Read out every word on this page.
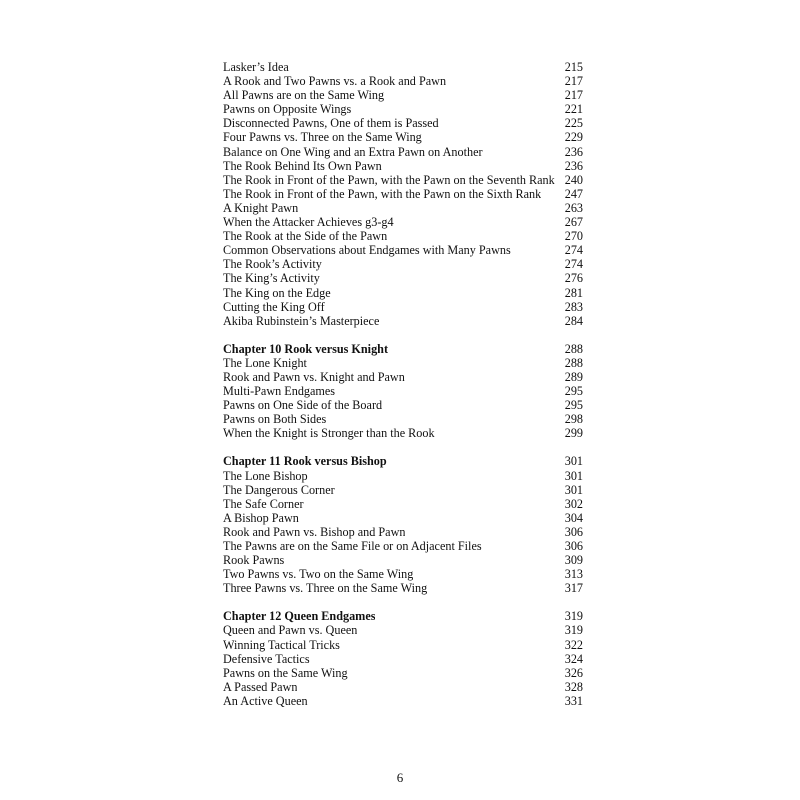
Lasker’s Idea	215
A Rook and Two Pawns vs. a Rook and Pawn	217
All Pawns are on the Same Wing	217
Pawns on Opposite Wings	221
Disconnected Pawns, One of them is Passed	225
Four Pawns vs. Three on the Same Wing	229
Balance on One Wing and an Extra Pawn on Another	236
The Rook Behind Its Own Pawn	236
The Rook in Front of the Pawn, with the Pawn on the Seventh Rank 240
The Rook in Front of the Pawn, with the Pawn on the Sixth Rank 247
A Knight Pawn	263
When the Attacker Achieves g3-g4	267
The Rook at the Side of the Pawn	270
Common Observations about Endgames with Many Pawns	274
The Rook’s Activity	274
The King’s Activity	276
The King on the Edge	281
Cutting the King Off	283
Akiba Rubinstein’s Masterpiece	284
Chapter 10 Rook versus Knight	288
The Lone Knight	288
Rook and Pawn vs. Knight and Pawn	289
Multi-Pawn Endgames	295
Pawns on One Side of the Board	295
Pawns on Both Sides	298
When the Knight is Stronger than the Rook	299
Chapter 11 Rook versus Bishop	301
The Lone Bishop	301
The Dangerous Corner	301
The Safe Corner	302
A Bishop Pawn	304
Rook and Pawn vs. Bishop and Pawn	306
The Pawns are on the Same File or on Adjacent Files	306
Rook Pawns	309
Two Pawns vs. Two on the Same Wing	313
Three Pawns vs. Three on the Same Wing	317
Chapter 12 Queen Endgames	319
Queen and Pawn vs. Queen	319
Winning Tactical Tricks	322
Defensive Tactics	324
Pawns on the Same Wing	326
A Passed Pawn	328
An Active Queen	331
6
